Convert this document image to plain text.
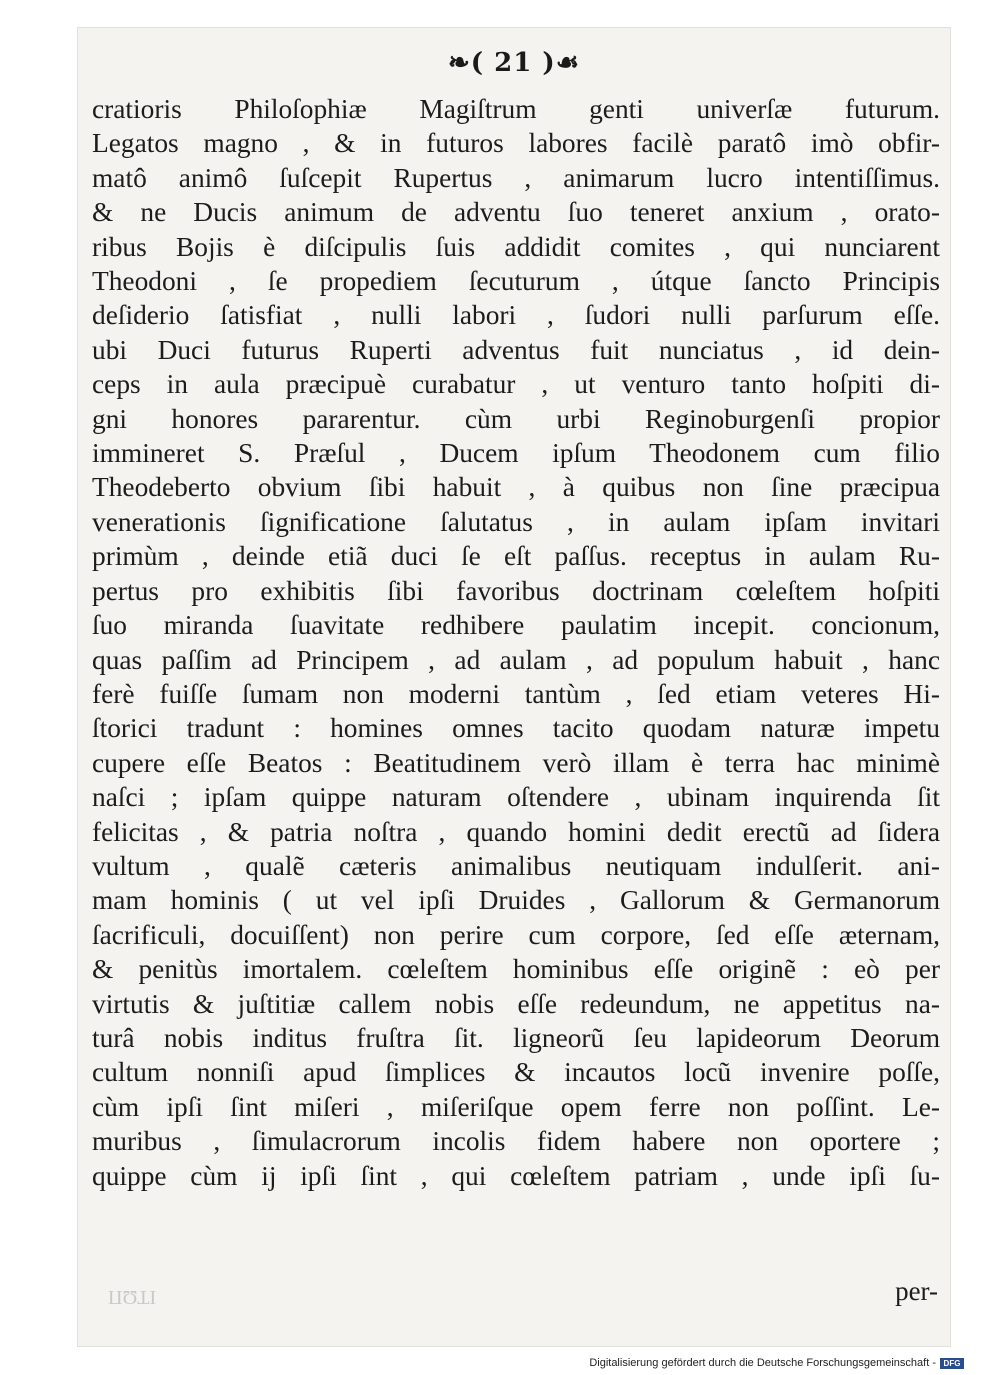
❧( 21 )☙
cratioris Philoſophiæ Magiſtrum genti univerſæ futurum.
Legatos magno , & in futuros labores facilè paratô imò obfir-
matô animô ſuſcepit Rupertus , animarum lucro intentiſſimus.
& ne Ducis animum de adventu ſuo teneret anxium , orato-
ribus Bojis è diſcipulis ſuis addidit comites , qui nunciarent
Theodoni , ſe propediem ſecuturum , útque ſanctо Principis
deſiderio ſatisfiat , nulli labori , ſudori nulli parſurum eſſe.
ubi Duci futurus Ruperti adventus fuit nunciatus , id dein-
ceps in aula præcipuè curabatur , ut venturo tanto hoſpiti di-
gni honores pararentur. cùm urbi Reginoburgenſi propior
immineret S. Præſul , Ducem ipſum Theodonem cum filio
Theodeberto obvium ſibi habuit , à quibus non ſine præcipua
venerationis ſignificatione ſalutatus , in aulam ipſam invitari
primùm , deinde etiã duci ſe eſt paſſus. receptus in aulam Ru-
pertus pro exhibitis ſibi favoribus doctrinam cœleſtem hoſpiti
ſuo miranda ſuavitate redhibere paulatim incepit. concionum,
quas paſſim ad Principem , ad aulam , ad populum habuit , hanc
ferè fuiſſe ſumam non moderni tantùm , ſed etiam veteres Hi-
ſtorici tradunt : homines omnes tacito quodam naturæ impetu
cupere eſſe Beatos : Beatitudinem verò illam è terra hac minimè
naſci ; ipſam quippe naturam oſtendere , ubinam inquirenda ſit
felicitas , & patria noſtra , quando homini dedit erectũ ad ſidera
vultum , qualẽ cæteris animalibus neutiquam indulſerit. ani-
mam hominis ( ut vel ipſi Druides , Gallorum & Germanorum
ſacrificuli, docuiſſent) non perire cum corpore, ſed eſſe æternam,
& penitùs imortalem. cœleſtem hominibus eſſe originẽ : eò per
virtutis & juſtitiæ callem nobis eſſe redeundum, ne appetitus na-
turâ nobis inditus fruſtra ſit. ligneorũ ſeu lapideorum Deorum
cultum nonniſi apud ſimplices & incautos locũ invenire poſſe,
cùm ipſi ſint miſeri , miſeriſque opem ferre non poſſint. Le-
muribus , ſimulacrorum incolis fidem habere non oportere ;
quippe cùm ij ipſi ſint , qui cœleſtem patriam , unde ipſi ſu-
per-
ΠΩΤΙ
Digitalisierung gefördert durch die Deutsche Forschungsgemeinschaft - DFG
